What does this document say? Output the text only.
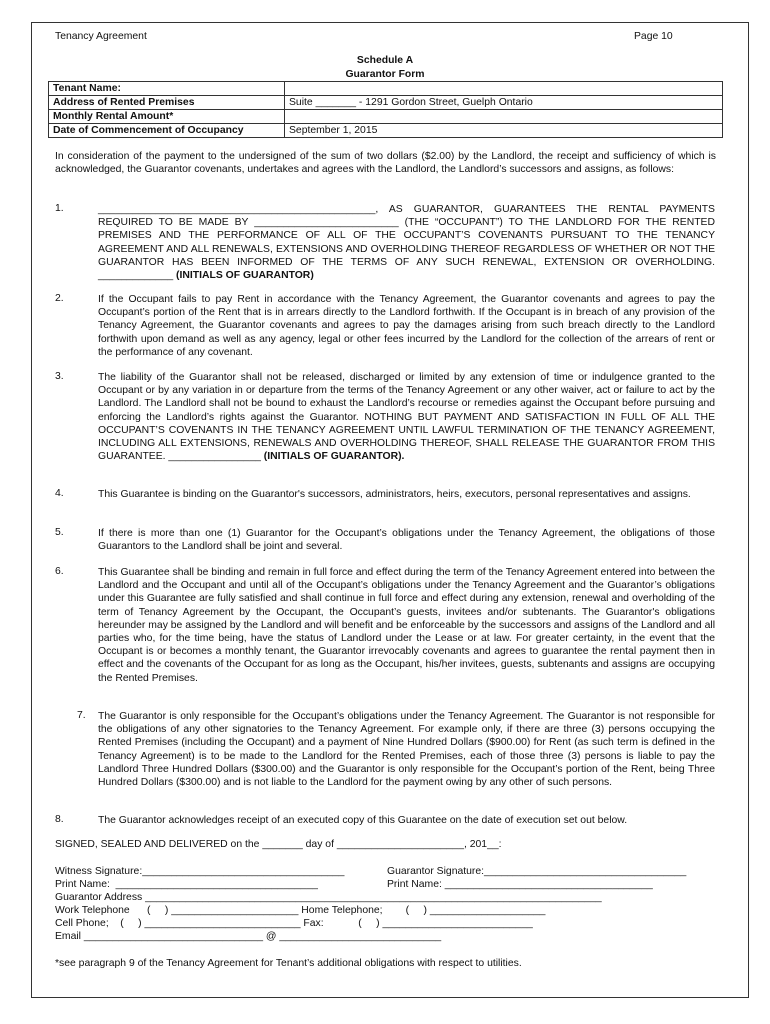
Tenancy Agreement	Page 10
Schedule A
Guarantor Form
Tenant Name:	
Address of Rented Premises	Suite _______ - 1291 Gordon Street, Guelph Ontario
Monthly Rental Amount*	
Date of Commencement of Occupancy	September 1, 2015
In consideration of the payment to the undersigned of the sum of two dollars ($2.00) by the Landlord, the receipt and sufficiency of which is acknowledged, the Guarantor covenants, undertakes and agrees with the Landlord, the Landlord’s successors and assigns, as follows:
1.	________________________________________________, AS GUARANTOR, GUARANTEES THE RENTAL PAYMENTS REQUIRED TO BE MADE BY _________________________ (THE “OCCUPANT”) TO THE LANDLORD FOR THE RENTED PREMISES AND THE PERFORMANCE OF ALL OF THE OCCUPANT’S COVENANTS PURSUANT TO THE TENANCY AGREEMENT AND ALL RENEWALS, EXTENSIONS AND OVERHOLDING THEREOF REGARDLESS OF WHETHER OR NOT THE GUARANTOR HAS BEEN INFORMED OF THE TERMS OF ANY SUCH RENEWAL, EXTENSION OR OVERHOLDING. _____________ (INITIALS OF GUARANTOR)
2.	If the Occupant fails to pay Rent in accordance with the Tenancy Agreement, the Guarantor covenants and agrees to pay the Occupant’s portion of the Rent that is in arrears directly to the Landlord forthwith. If the Occupant is in breach of any provision of the Tenancy Agreement, the Guarantor covenants and agrees to pay the damages arising from such breach directly to the Landlord forthwith upon demand as well as any agency, legal or other fees incurred by the Landlord for the collection of the arrears of rent or the performance of any covenant.
3.	The liability of the Guarantor shall not be released, discharged or limited by any extension of time or indulgence granted to the Occupant or by any variation in or departure from the terms of the Tenancy Agreement or any other waiver, act or failure to act by the Landlord. The Landlord shall not be bound to exhaust the Landlord’s recourse or remedies against the Occupant before pursuing and enforcing the Landlord’s rights against the Guarantor. NOTHING BUT PAYMENT AND SATISFACTION IN FULL OF ALL THE OCCUPANT’S COVENANTS IN THE TENANCY AGREEMENT UNTIL LAWFUL TERMINATION OF THE TENANCY AGREEMENT, INCLUDING ALL EXTENSIONS, RENEWALS AND OVERHOLDING THEREOF, SHALL RELEASE THE GUARANTOR FROM THIS GUARANTEE. ________________ (INITIALS OF GUARANTOR).
4.	This Guarantee is binding on the Guarantor's successors, administrators, heirs, executors, personal representatives and assigns.
5.	If there is more than one (1) Guarantor for the Occupant’s obligations under the Tenancy Agreement, the obligations of those Guarantors to the Landlord shall be joint and several.
6.	This Guarantee shall be binding and remain in full force and effect during the term of the Tenancy Agreement entered into between the Landlord and the Occupant and until all of the Occupant’s obligations under the Tenancy Agreement and the Guarantor’s obligations under this Guarantee are fully satisfied and shall continue in full force and effect during any extension, renewal and overholding of the term of Tenancy Agreement by the Occupant, the Occupant’s guests, invitees and/or subtenants. The Guarantor's obligations hereunder may be assigned by the Landlord and will benefit and be enforceable by the successors and assigns of the Landlord and all parties who, for the time being, have the status of Landlord under the Lease or at law. For greater certainty, in the event that the Occupant is or becomes a monthly tenant, the Guarantor irrevocably covenants and agrees to guarantee the rental payment then in effect and the covenants of the Occupant for as long as the Occupant, his/her invitees, guests, subtenants and assigns are occupying the Rented Premises.
7. The Guarantor is only responsible for the Occupant’s obligations under the Tenancy Agreement. The Guarantor is not responsible for the obligations of any other signatories to the Tenancy Agreement. For example only, if there are three (3) persons occupying the Rented Premises (including the Occupant) and a payment of Nine Hundred Dollars ($900.00) for Rent (as such term is defined in the Tenancy Agreement) is to be made to the Landlord for the Rented Premises, each of those three (3) persons is liable to pay the Landlord Three Hundred Dollars ($300.00) and the Guarantor is only responsible for the Occupant’s portion of the Rent, being Three Hundred Dollars ($300.00) and is not liable to the Landlord for the payment owing by any other of such persons.
8.	The Guarantor acknowledges receipt of an executed copy of this Guarantee on the date of execution set out below.
SIGNED, SEALED AND DELIVERED on the _______ day of ______________________, 201__:
Witness Signature:___________________________________	Guarantor Signature:___________________________________
Print Name:  ___________________________________	Print Name: ____________________________________
Guarantor Address _______________________________________________________________________________
Work Telephone      (     ) ______________________ Home Telephone;        (     ) ____________________
Cell Phone;    (     ) ___________________________ Fax:            (     ) __________________________
Email _______________________________ @ ____________________________
*see paragraph 9 of the Tenancy Agreement for Tenant’s additional obligations with respect to utilities.
